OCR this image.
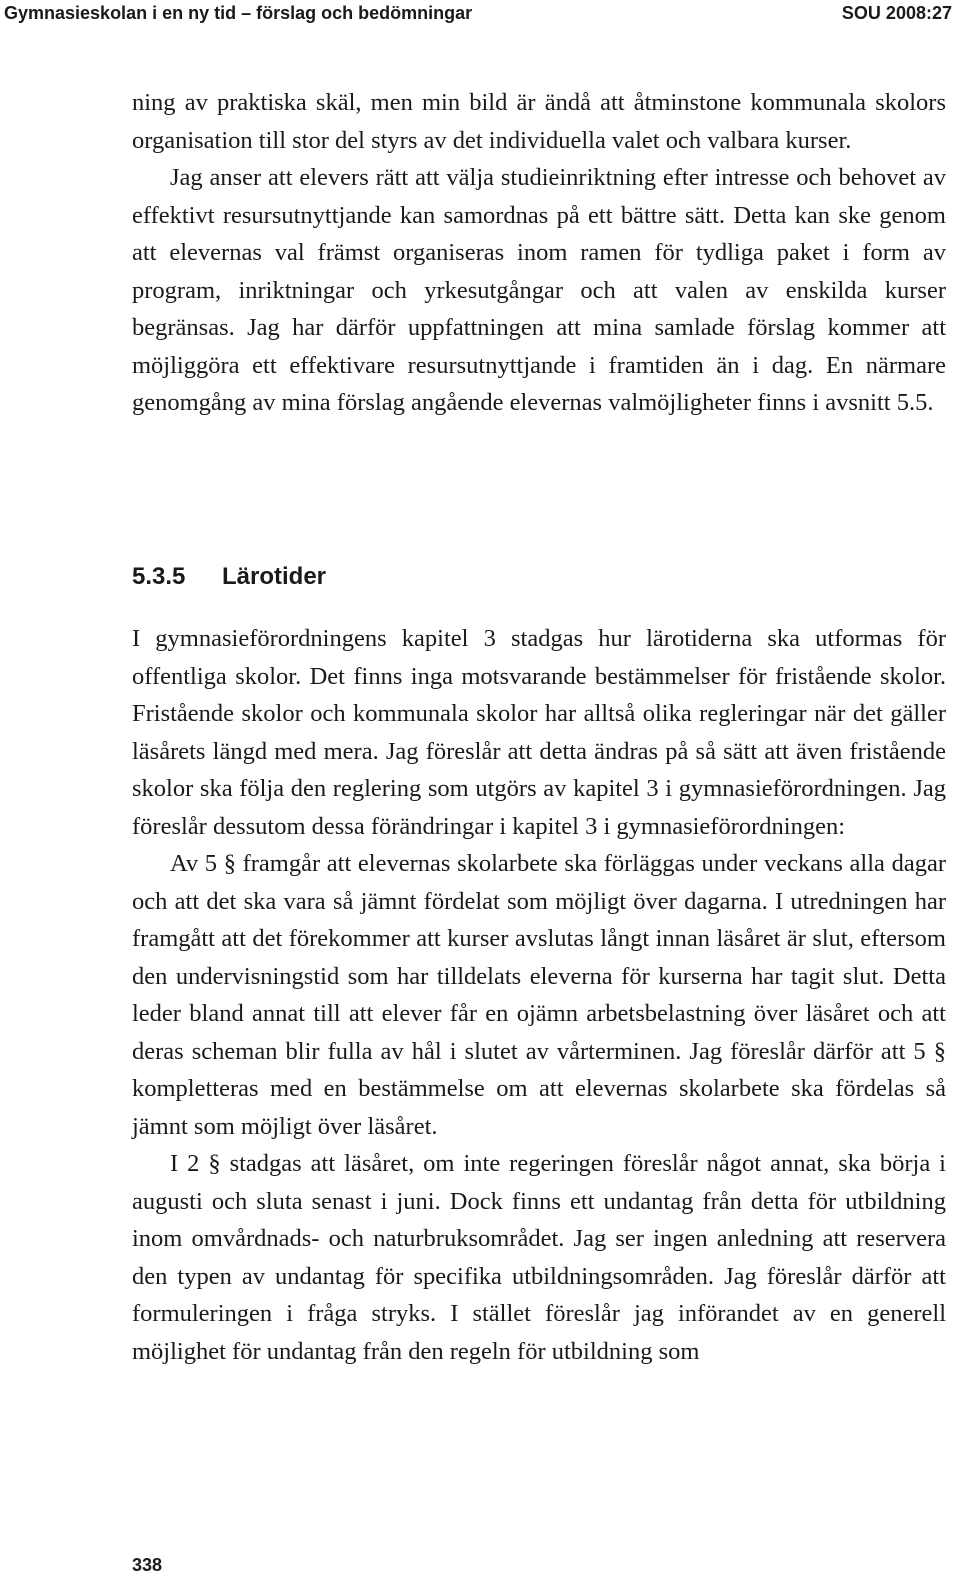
Gymnasieskolan i en ny tid – förslag och bedömningar	SOU 2008:27

ning av praktiska skäl, men min bild är ändå att åtminstone kommunala skolors organisation till stor del styrs av det individuella valet och valbara kurser.

Jag anser att elevers rätt att välja studieinriktning efter intresse och behovet av effektivt resursutnyttjande kan samordnas på ett bättre sätt. Detta kan ske genom att elevernas val främst organiseras inom ramen för tydliga paket i form av program, inriktningar och yrkesutgångar och att valen av enskilda kurser begränsas. Jag har därför uppfattningen att mina samlade förslag kommer att möjliggöra ett effektivare resursutnyttjande i framtiden än i dag. En närmare genomgång av mina förslag angående elevernas valmöjligheter finns i avsnitt 5.5.

5.3.5 Lärotider

I gymnasieförordningens kapitel 3 stadgas hur lärotiderna ska utformas för offentliga skolor. Det finns inga motsvarande bestämmelser för fristående skolor. Fristående skolor och kommunala skolor har alltså olika regleringar när det gäller läsårets längd med mera. Jag föreslår att detta ändras på så sätt att även fristående skolor ska följa den reglering som utgörs av kapitel 3 i gymnasieförordningen. Jag föreslår dessutom dessa förändringar i kapitel 3 i gymnasieförordningen:

Av 5 § framgår att elevernas skolarbete ska förläggas under veckans alla dagar och att det ska vara så jämnt fördelat som möjligt över dagarna. I utredningen har framgått att det förekommer att kurser avslutas långt innan läsåret är slut, eftersom den undervisningstid som har tilldelats eleverna för kurserna har tagit slut. Detta leder bland annat till att elever får en ojämn arbetsbelastning över läsåret och att deras scheman blir fulla av hål i slutet av vårterminen. Jag föreslår därför att 5 § kompletteras med en bestämmelse om att elevernas skolarbete ska fördelas så jämnt som möjligt över läsåret.

I 2 § stadgas att läsåret, om inte regeringen föreslår något annat, ska börja i augusti och sluta senast i juni. Dock finns ett undantag från detta för utbildning inom omvårdnads- och naturbruksområdet. Jag ser ingen anledning att reservera den typen av undantag för specifika utbildningsområden. Jag föreslår därför att formuleringen i fråga stryks. I stället föreslår jag införandet av en generell möjlighet för undantag från den regeln för utbildning som

338
